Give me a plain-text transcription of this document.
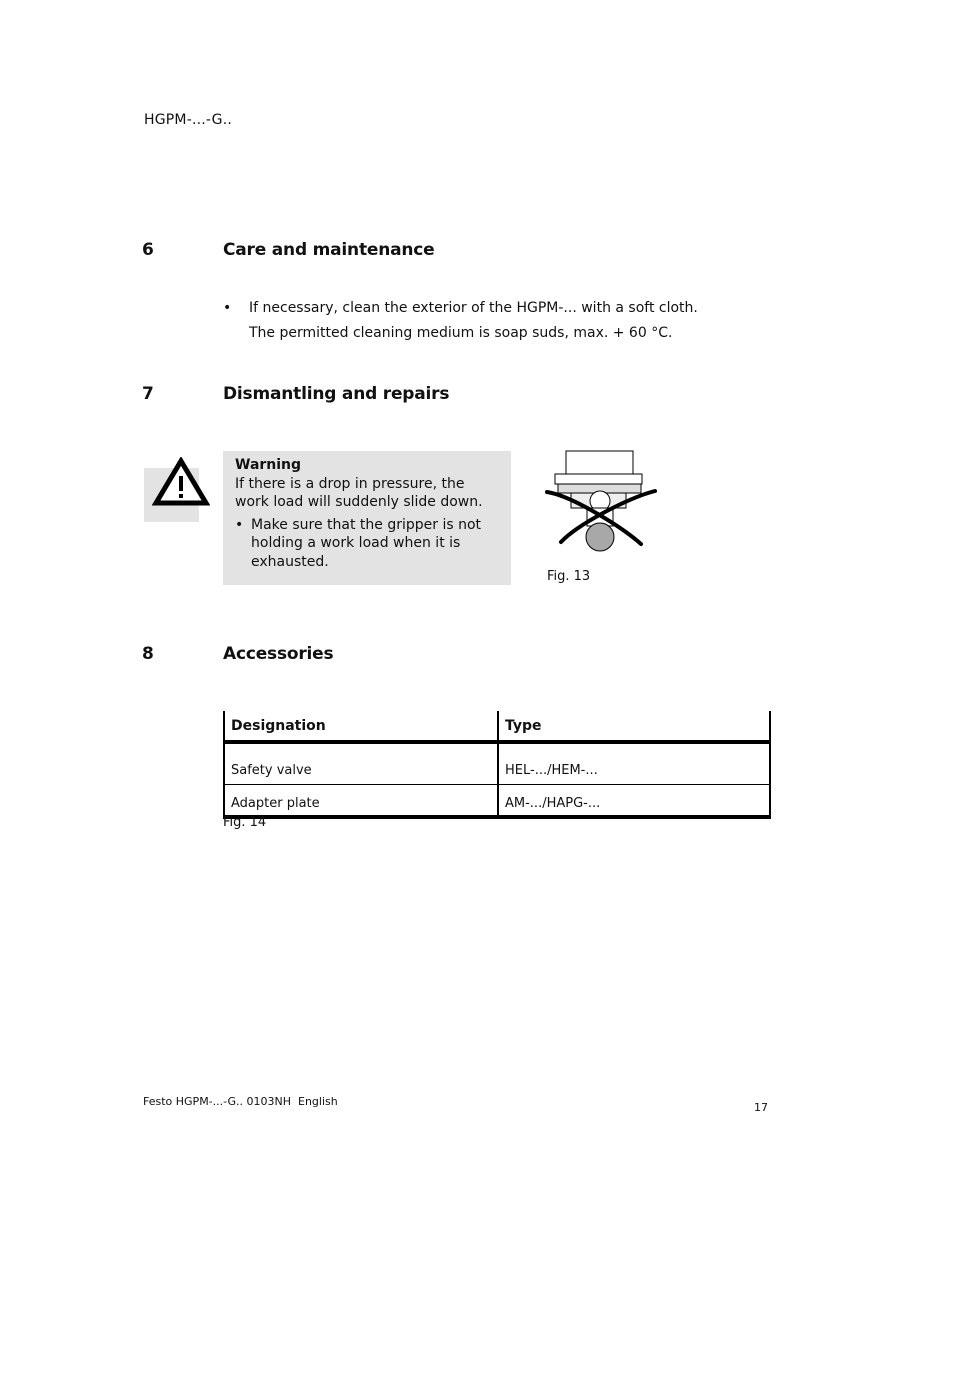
HGPM-...-G..
6	Care and maintenance
• If necessary, clean the exterior of the HGPM-... with a soft cloth.
The permitted cleaning medium is soap suds, max. + 60 °C.
7	Dismantling and repairs
Warning
If there is a drop in pressure, the work load will suddenly slide down.
• Make sure that the gripper is not holding a work load when it is exhausted.
Fig. 13
8	Accessories
Designation	Type
Safety valve	HEL-.../HEM-...
Adapter plate	AM-.../HAPG-...
Fig. 14
Festo HGPM-...-G.. 0103NH  English	17
